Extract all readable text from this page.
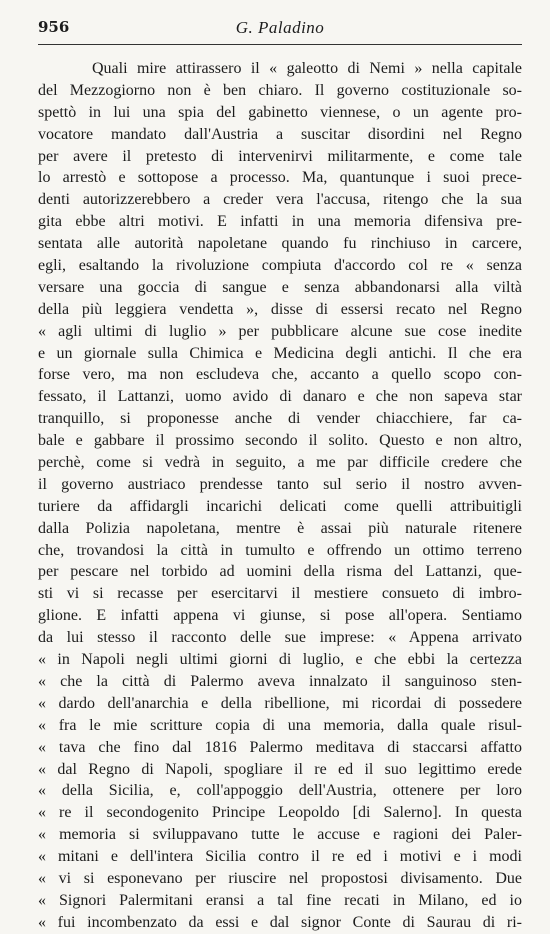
956	G. Paladino
Quali mire attirassero il « galeotto di Nemi » nella capitale
del Mezzogiorno non è ben chiaro. Il governo costituzionale so-
spettò in lui una spia del gabinetto viennese, o un agente pro-
vocatore mandato dall'Austria a suscitar disordini nel Regno
per avere il pretesto di intervenirvi militarmente, e come tale
lo arrestò e sottopose a processo. Ma, quantunque i suoi prece-
denti autorizzerebbero a creder vera l'accusa, ritengo che la sua
gita ebbe altri motivi. E infatti in una memoria difensiva pre-
sentata alle autorità napoletane quando fu rinchiuso in carcere,
egli, esaltando la rivoluzione compiuta d'accordo col re « senza
versare una goccia di sangue e senza abbandonarsi alla viltà
della più leggiera vendetta », disse di essersi recato nel Regno
« agli ultimi di luglio » per pubblicare alcune sue cose inedite
e un giornale sulla Chimica e Medicina degli antichi. Il che era
forse vero, ma non escludeva che, accanto a quello scopo con-
fessato, il Lattanzi, uomo avido di danaro e che non sapeva star
tranquillo, si proponesse anche di vender chiacchiere, far ca-
bale e gabbare il prossimo secondo il solito. Questo e non altro,
perchè, come si vedrà in seguito, a me par difficile credere che
il governo austriaco prendesse tanto sul serio il nostro avven-
turiere da affidargli incarichi delicati come quelli attribuitigli
dalla Polizia napoletana, mentre è assai più naturale ritenere
che, trovandosi la città in tumulto e offrendo un ottimo terreno
per pescare nel torbido ad uomini della risma del Lattanzi, que-
sti vi si recasse per esercitarvi il mestiere consueto di imbro-
glione. E infatti appena vi giunse, si pose all'opera. Sentiamo
da lui stesso il racconto delle sue imprese: « Appena arrivato
« in Napoli negli ultimi giorni di luglio, e che ebbi la certezza
« che la città di Palermo aveva innalzato il sanguinoso sten-
« dardo dell'anarchia e della ribellione, mi ricordai di possedere
« fra le mie scritture copia di una memoria, dalla quale risul-
« tava che fino dal 1816 Palermo meditava di staccarsi affatto
« dal Regno di Napoli, spogliare il re ed il suo legittimo erede
« della Sicilia, e, coll'appoggio dell'Austria, ottenere per loro
« re il secondogenito Principe Leopoldo [di Salerno]. In questa
« memoria si sviluppavano tutte le accuse e ragioni dei Paler-
« mitani e dell'intera Sicilia contro il re ed i motivi e i modi
« vi si esponevano per riuscire nel propostosi divisamento. Due
« Signori Palermitani eransi a tal fine recati in Milano, ed io
« fui incombenzato da essi e dal signor Conte di Saurau di ri-
